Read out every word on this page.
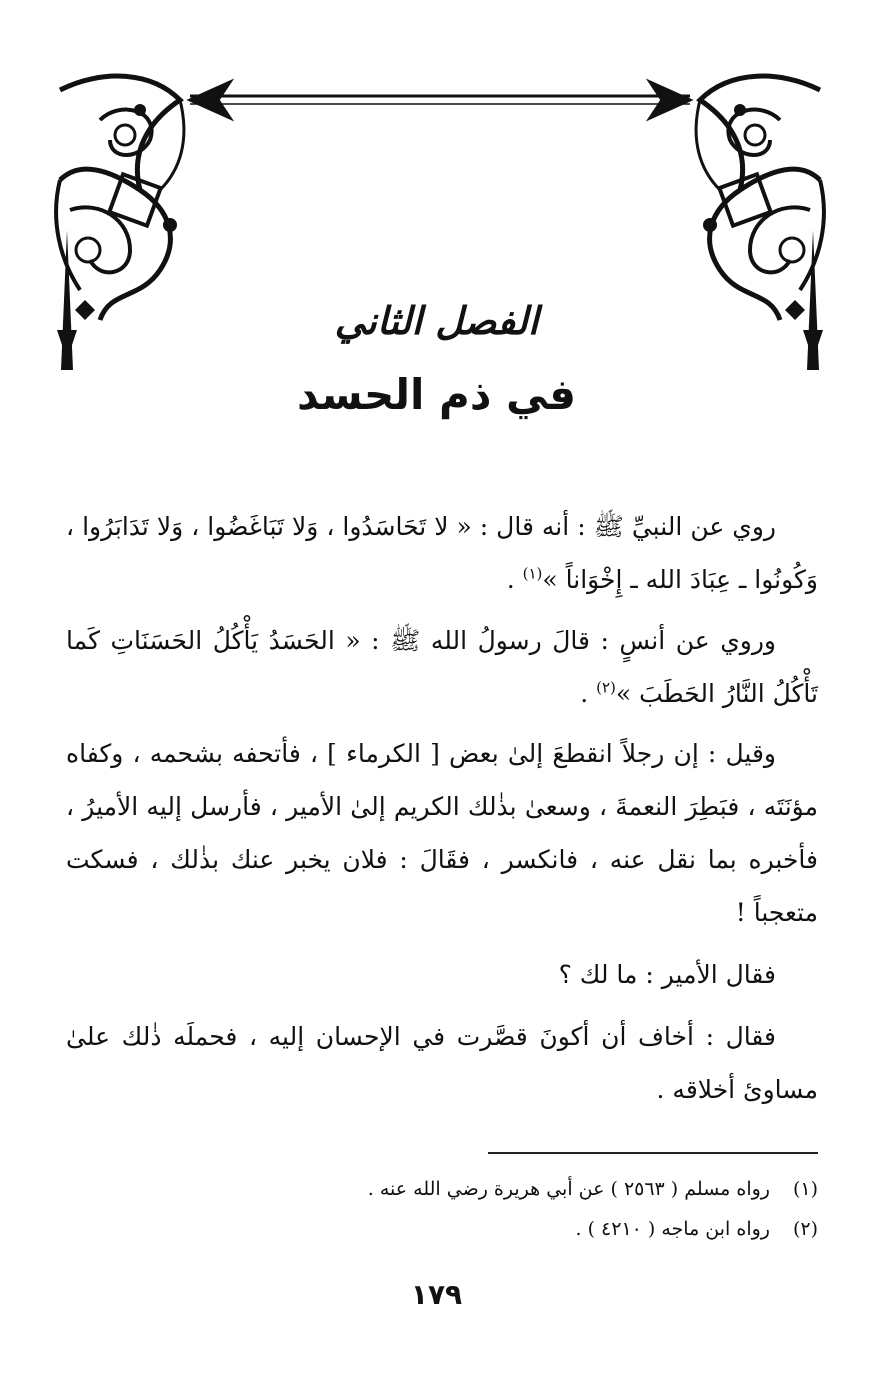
الفصل الثاني
في ذم الحسد

روي عن النبيِّ ﷺ : أنه قال : « لا تَحَاسَدُوا ، وَلا تَبَاغَضُوا ، وَلا تَدَابَرُوا ، وَكُونُوا ـ عِبَادَ الله ـ إِخْوَاناً »$^{(١)}$ .

وروي عن أنسٍ : قالَ رسولُ الله ﷺ : « الحَسَدُ يَأْكُلُ الحَسَنَاتِ كَما تَأْكُلُ النَّارُ الحَطَبَ »$^{(٢)}$ .

وقيل : إن رجلاً انقطعَ إلىٰ بعض [ الكرماء ] ، فأتحفه بشحمه ، وكفاه مؤنَتَه ، فبَطِرَ النعمةَ ، وسعىٰ بذٰلك الكريم إلىٰ الأمير ، فأرسل إليه الأميرُ ، فأخبره بما نقل عنه ، فانكسر ، فقَالَ : فلان يخبر عنك بذٰلك ، فسكت متعجباً !

فقال الأمير : ما لك ؟

فقال : أخاف أن أكونَ قصَّرت في الإحسان إليه ، فحملَه ذٰلك علىٰ مساوئ أخلاقه .

(١) رواه مسلم ( ٢٥٦٣ ) عن أبي هريرة رضي الله عنه .
(٢) رواه ابن ماجه ( ٤٢١٠ ) .
١٧٩
